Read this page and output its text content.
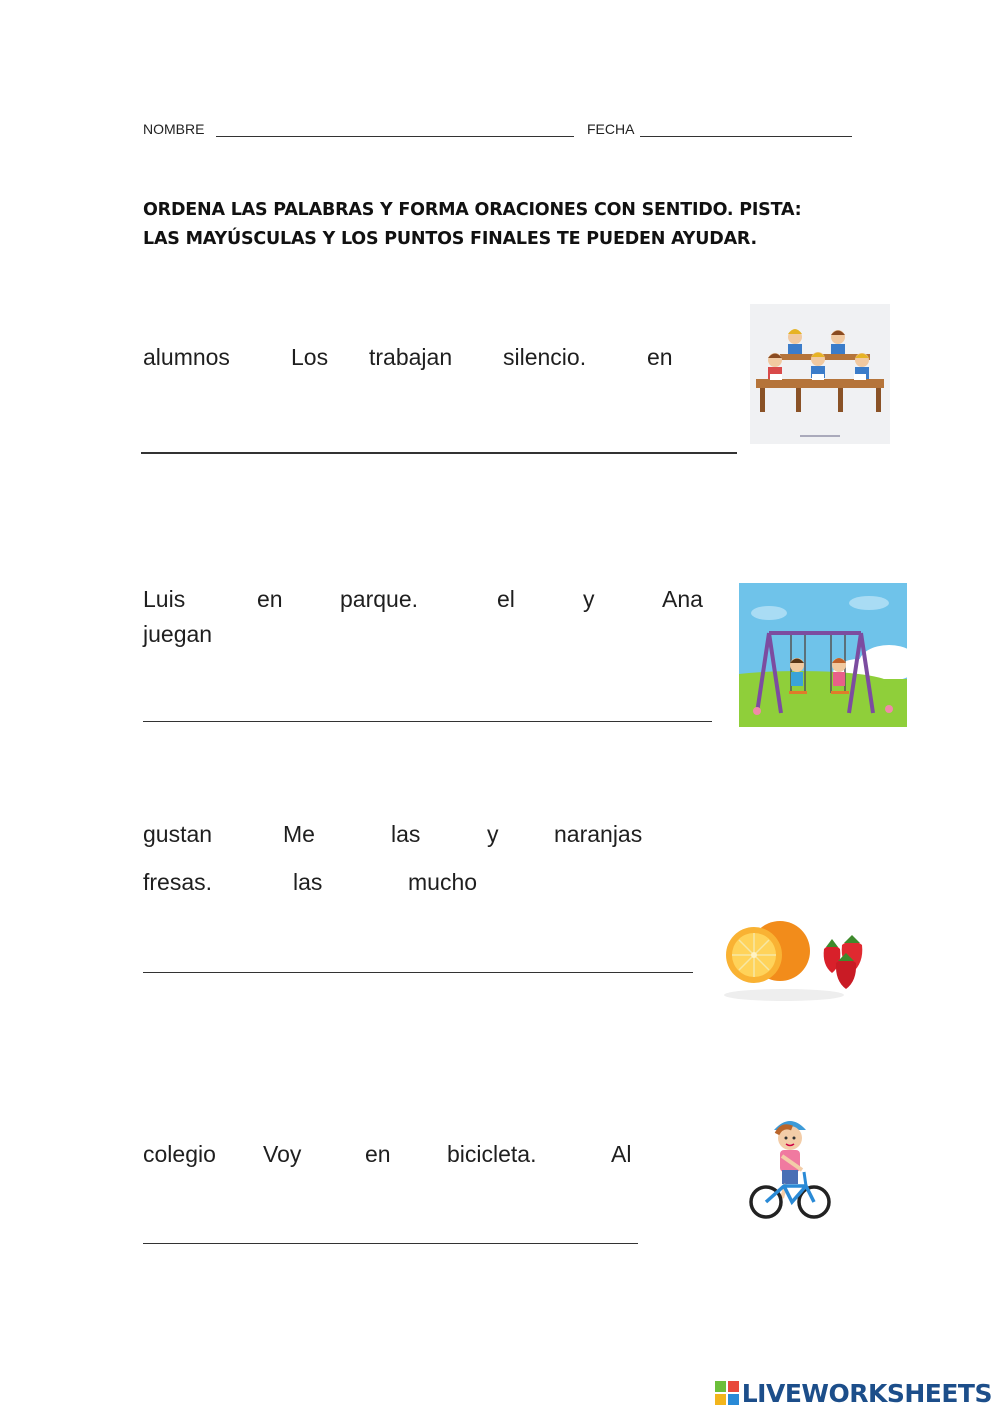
NOMBRE	FECHA
ORDENA LAS PALABRAS Y FORMA ORACIONES CON SENTIDO. PISTA: LAS MAYÚSCULAS Y LOS PUNTOS FINALES TE PUEDEN AYUDAR.
alumnos	Los trabajan silencio.	en
Luis	en parque.	el	y	Ana
juegan
gustan	Me	las	y naranjas
fresas.	las	mucho
colegio Voy	en bicicleta.	Al
LIVEWORKSHEETS
